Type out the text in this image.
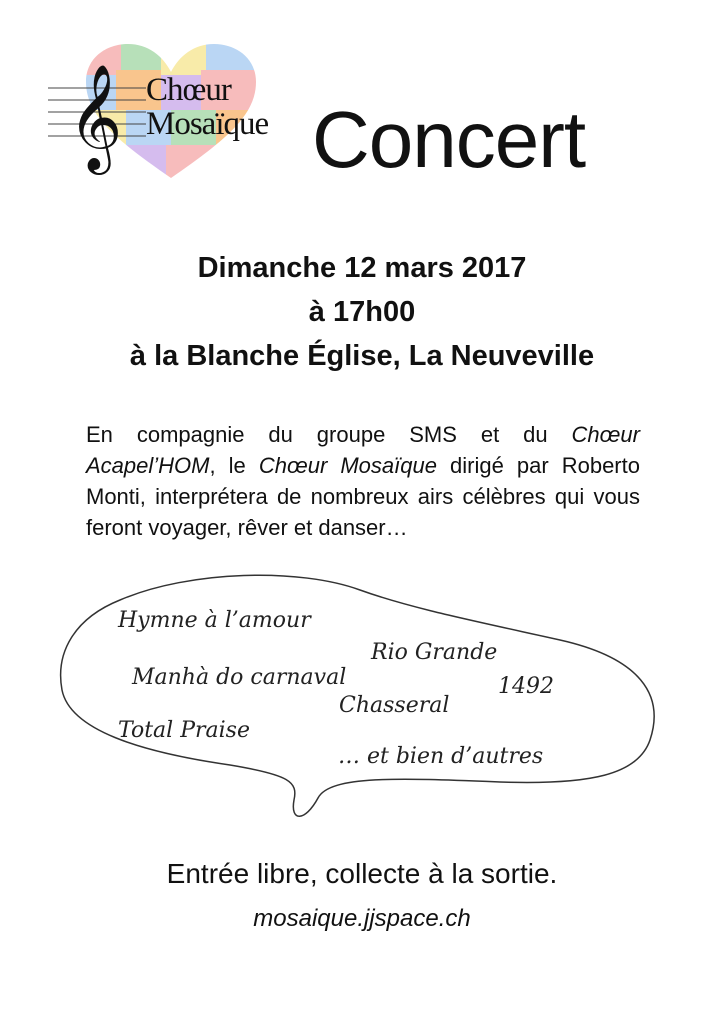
𝄞 Chœur
Mosaïque Concert
Dimanche 12 mars 2017
à 17h00
à la Blanche Église, La Neuveville
En compagnie du groupe SMS et du Chœur Acapel’HOM, le Chœur Mosaïque dirigé par Roberto Monti, interprétera de nombreux airs célèbres qui vous feront voyager, rêver et danser…
Hymne à l’amour
Rio Grande
Manhà do carnaval	1492
Chasseral
Total Praise
… et bien d’autres
Entrée libre, collecte à la sortie.
mosaique.jjspace.ch
